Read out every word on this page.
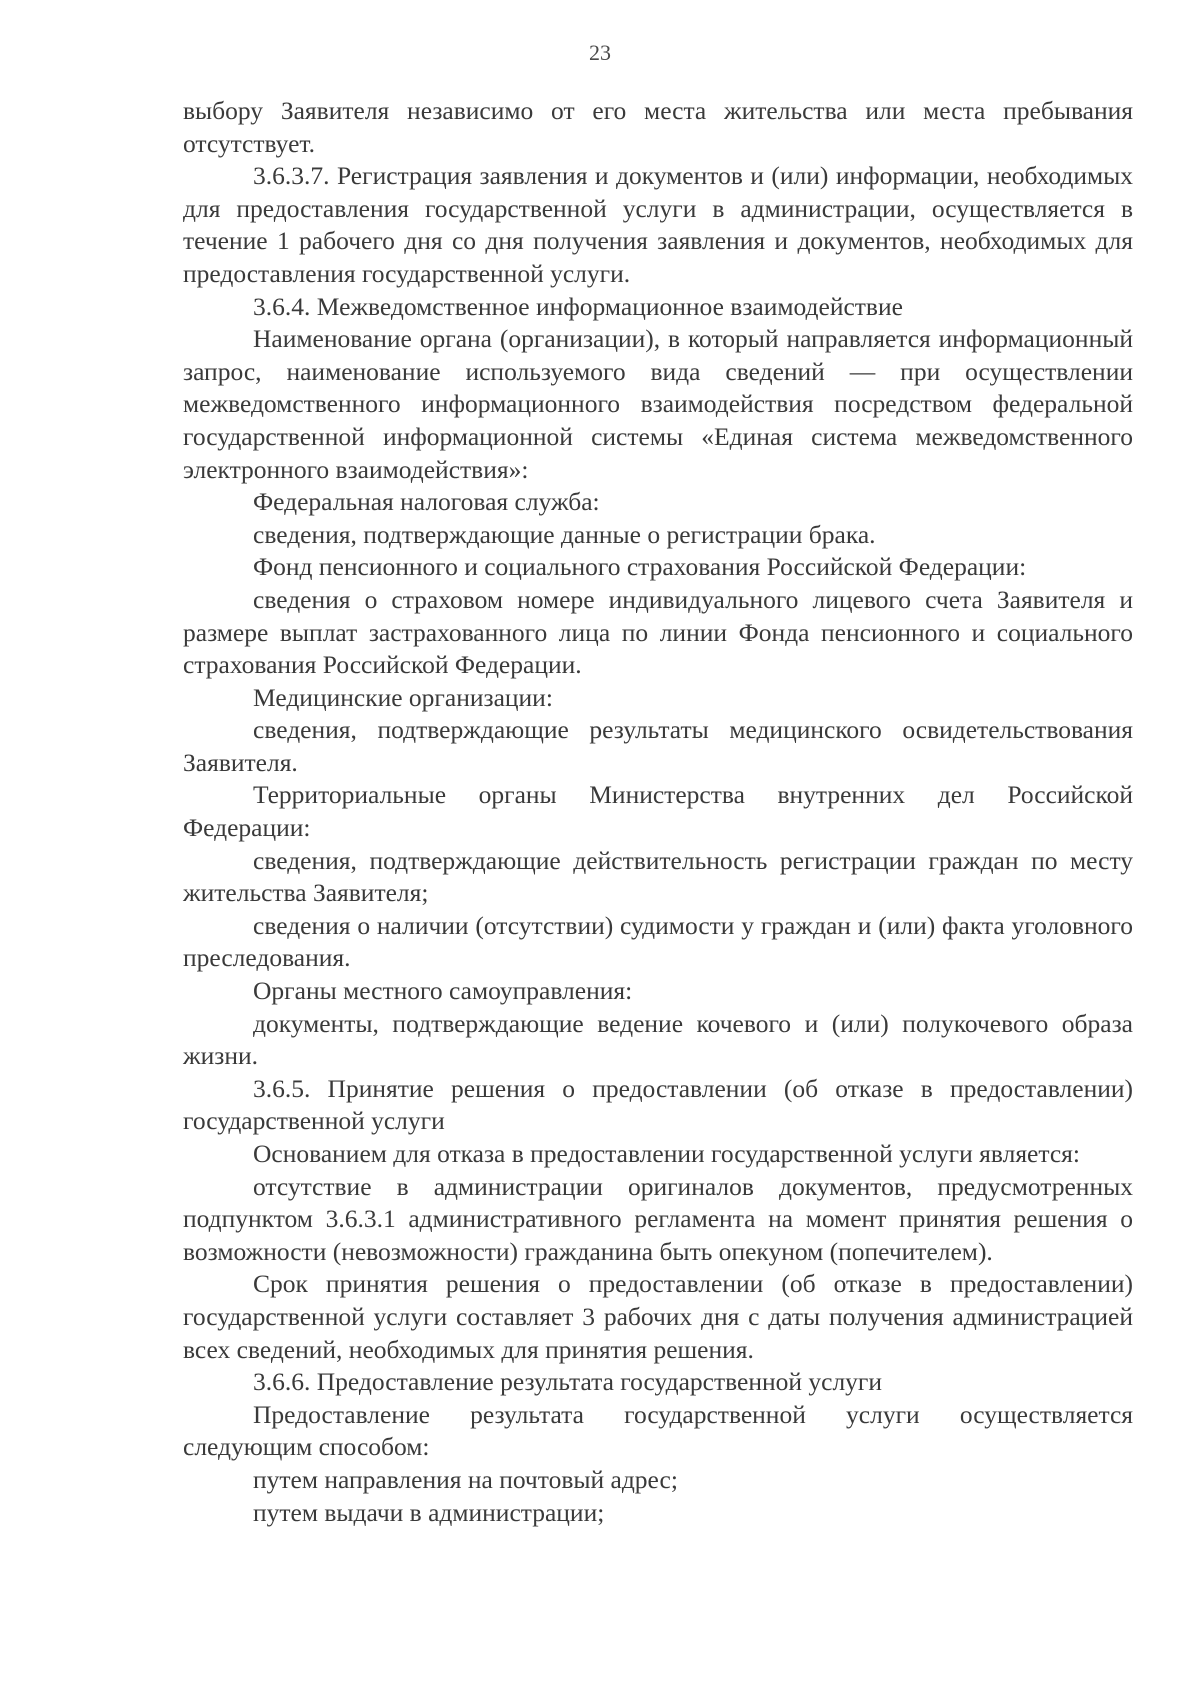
23

выбору Заявителя независимо от его места жительства или места пребывания отсутствует.

3.6.3.7. Регистрация заявления и документов и (или) информации, необходимых для предоставления государственной услуги в администрации, осуществляется в течение 1 рабочего дня со дня получения заявления и документов, необходимых для предоставления государственной услуги.

3.6.4. Межведомственное информационное взаимодействие

Наименование органа (организации), в который направляется информационный запрос, наименование используемого вида сведений — при осуществлении межведомственного информационного взаимодействия посредством федеральной государственной информационной системы «Единая система межведомственного электронного взаимодействия»:

Федеральная налоговая служба:

сведения, подтверждающие данные о регистрации брака.

Фонд пенсионного и социального страхования Российской Федерации:

сведения о страховом номере индивидуального лицевого счета Заявителя и размере выплат застрахованного лица по линии Фонда пенсионного и социального страхования Российской Федерации.

Медицинские организации:

сведения, подтверждающие результаты медицинского освидетельствования Заявителя.

Территориальные органы Министерства внутренних дел Российской Федерации:

сведения, подтверждающие действительность регистрации граждан по месту жительства Заявителя;

сведения о наличии (отсутствии) судимости у граждан и (или) факта уголовного преследования.

Органы местного самоуправления:

документы, подтверждающие ведение кочевого и (или) полукочевого образа жизни.

3.6.5. Принятие решения о предоставлении (об отказе в предоставлении) государственной услуги

Основанием для отказа в предоставлении государственной услуги является:

отсутствие в администрации оригиналов документов, предусмотренных подпунктом 3.6.3.1 административного регламента на момент принятия решения о возможности (невозможности) гражданина быть опекуном (попечителем).

Срок принятия решения о предоставлении (об отказе в предоставлении) государственной услуги составляет 3 рабочих дня с даты получения администрацией всех сведений, необходимых для принятия решения.

3.6.6. Предоставление результата государственной услуги

Предоставление результата государственной услуги осуществляется следующим способом:

путем направления на почтовый адрес;

путем выдачи в администрации;
